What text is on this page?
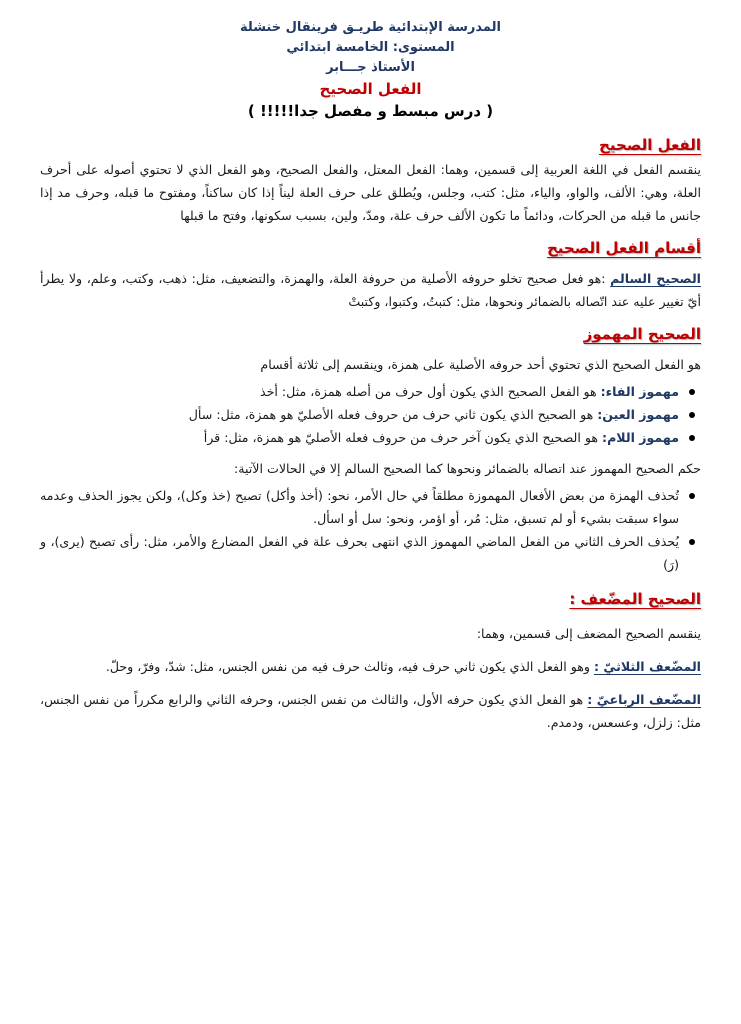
المدرسة الإبتدائية طريـق فرينقال خنشلة
المستوى: الخامسة ابتدائي
الأستاذ جـــابر
الفعل الصحيح
( درس مبسط و مفصل جدا!!!!! )
الفعل الصحيح

ينقسم الفعل في اللغة العربية إلى قسمين، وهما: الفعل المعتل، والفعل الصحيح، وهو الفعل الذي لا تحتوي أصوله على أحرف العلة، وهي: الألف، والواو، والياء، مثل: كتب، وجلس، ويُطلق على حرف العلة ليناً إذا كان ساكناً، ومفتوح ما قبله، وحرف مد إذا جانس ما قبله من الحركات، ودائماً ما تكون الألف حرف علة، ومدّ، ولين، بسبب سكونها، وفتح ما قبلها

أقسام الفعل الصحيح

الصحيح السالم :هو فعل صحيح تخلو حروفه الأصلية من حروفة العلة، والهمزة، والتضعيف، مثل: ذهب، وكتب، وعلم، ولا يطرأ أيّ تغيير عليه عند اتّصاله بالضمائر ونحوها، مثل: كتبتُ، وكتبوا، وكتبتْ

الصحيح المهموز

هو الفعل الصحيح الذي تحتوي أحد حروفه الأصلية على همزة، وينقسم إلى ثلاثة أقسام

مهموز الفاء: هو الفعل الصحيح الذي يكون أول حرف من أصله همزة، مثل: أخذ
مهموز العين: هو الصحيح الذي يكون ثاني حرف من حروف فعله الأصليّ هو همزة، مثل: سأل
مهموز اللام: هو الصحيح الذي يكون آخر حرف من حروف فعله الأصليّ هو همزة، مثل: قرأ

حكم الصحيح المهموز عند اتصاله بالضمائر ونحوها كما الصحيح السالم إلا في الحالات الآتية:

تُحذف الهمزة من بعض الأفعال المهموزة مطلقاً في حال الأمر، نحو: (أخذ وأكل) تصبح (خذ وكل)، ولكن يجوز الحذف وعدمه سواء سبقت بشيء أو لم تسبق، مثل: مُر، أو اؤمر، ونحو: سل أو اسأل.
يُحذف الحرف الثاني من الفعل الماضي المهموز الذي انتهى بحرف علة في الفعل المضارع والأمر، مثل: رأى تصبح (يرى)، و (رَ)
الصحيح المضّعف :

ينقسم الصحيح المضعف إلى قسمين، وهما:

المضّعف الثلاثيّ : وهو الفعل الذي يكون ثاني حرف فيه، وثالث حرف فيه من نفس الجنس، مثل: شدّ، وفرّ، وحلّ.

المضّعف الرباعيّ : هو الفعل الذي يكون حرفه الأول، والثالث من نفس الجنس، وحرفه الثاني والرابع مكرراً من نفس الجنس، مثل: زلزل، وعسعس، ودمدم.
